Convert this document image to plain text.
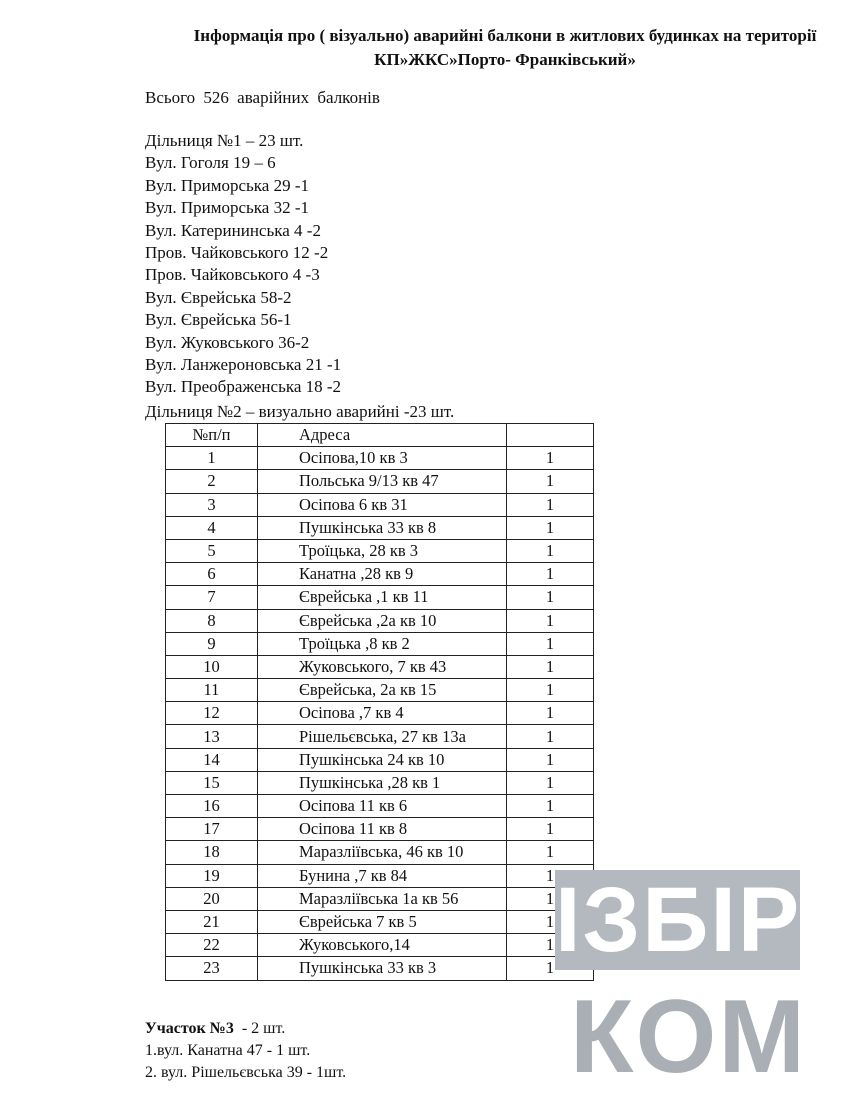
Інформація про ( візуально) аварийні балкони в житлових будинках на території КП»ЖКС»Порто- Франківський»
Всього 526 аварійних балконів
Дільниця №1 – 23 шт.
Вул. Гоголя 19 – 6
Вул. Приморська 29 -1
Вул. Приморська 32 -1
Вул. Катерининська 4 -2
Пров. Чайковського 12 -2
Пров. Чайковського 4 -3
Вул. Єврейська 58-2
Вул. Єврейська 56-1
Вул. Жуковського 36-2
Вул. Ланжероновська 21 -1
Вул. Преображенська 18 -2
Дільниця №2 – визуально аварийні -23 шт.
№п/п	Адреса	
1	Осіпова,10 кв 3	1
2	Польська 9/13 кв 47	1
3	Осіпова 6 кв 31	1
4	Пушкінська 33 кв 8	1
5	Троїцька, 28 кв 3	1
6	Канатна ,28 кв 9	1
7	Єврейська ,1 кв 11	1
8	Єврейська ,2а кв 10	1
9	Троїцька ,8 кв 2	1
10	Жуковського, 7 кв 43	1
11	Єврейська, 2а кв 15	1
12	Осіпова ,7 кв 4	1
13	Рішельєвська, 27 кв 13а	1
14	Пушкінська 24 кв 10	1
15	Пушкінська ,28 кв 1	1
16	Осіпова 11 кв 6	1
17	Осіпова 11 кв 8	1
18	Маразліївська, 46 кв 10	1
19	Бунина ,7 кв 84	1
20	Маразліївська 1а кв 56	1
21	Єврейська 7 кв 5	1
22	Жуковського,14	1
23	Пушкінська 33 кв 3	1
Участок №3  - 2 шт.
1.вул. Канатна 47 - 1 шт.
2. вул. Рішельєвська 39 - 1шт.
ІЗБІР
КОМ
